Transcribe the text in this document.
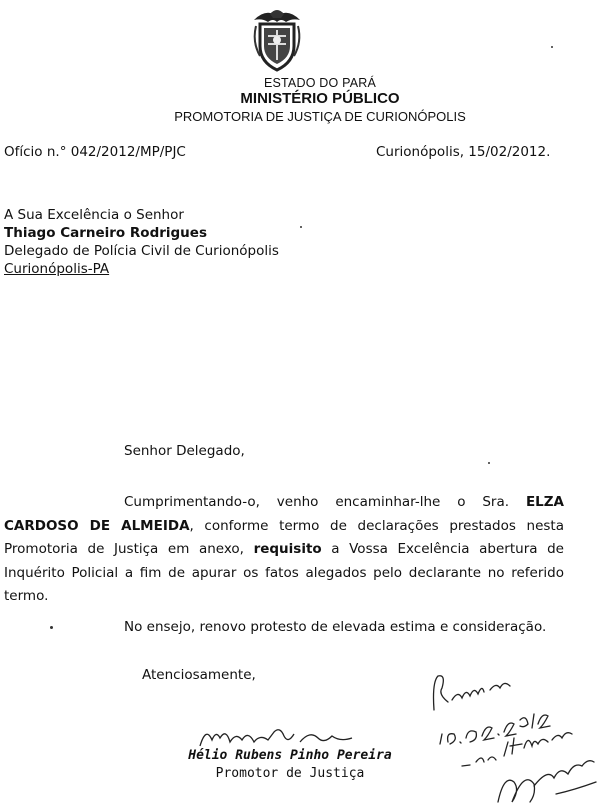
ESTADO DO PARÁ
MINISTÉRIO PÚBLICO
PROMOTORIA DE JUSTIÇA DE CURIONÓPOLIS
Ofício n.° 042/2012/MP/PJC	Curionópolis, 15/02/2012.
A Sua Excelência o Senhor
Thiago Carneiro Rodrigues
Delegado de Polícia Civil de Curionópolis
Curionópolis-PA
Senhor Delegado,
Cumprimentando-o, venho encaminhar-lhe o Sra. ELZA CARDOSO DE ALMEIDA, conforme termo de declarações prestados nesta Promotoria de Justiça em anexo, requisito a Vossa Excelência abertura de Inquérito Policial a fim de apurar os fatos alegados pelo declarante no referido termo.
No ensejo, renovo protesto de elevada estima e consideração.
Atenciosamente,
Hélio Rubens Pinho Pereira
Promotor de Justiça
